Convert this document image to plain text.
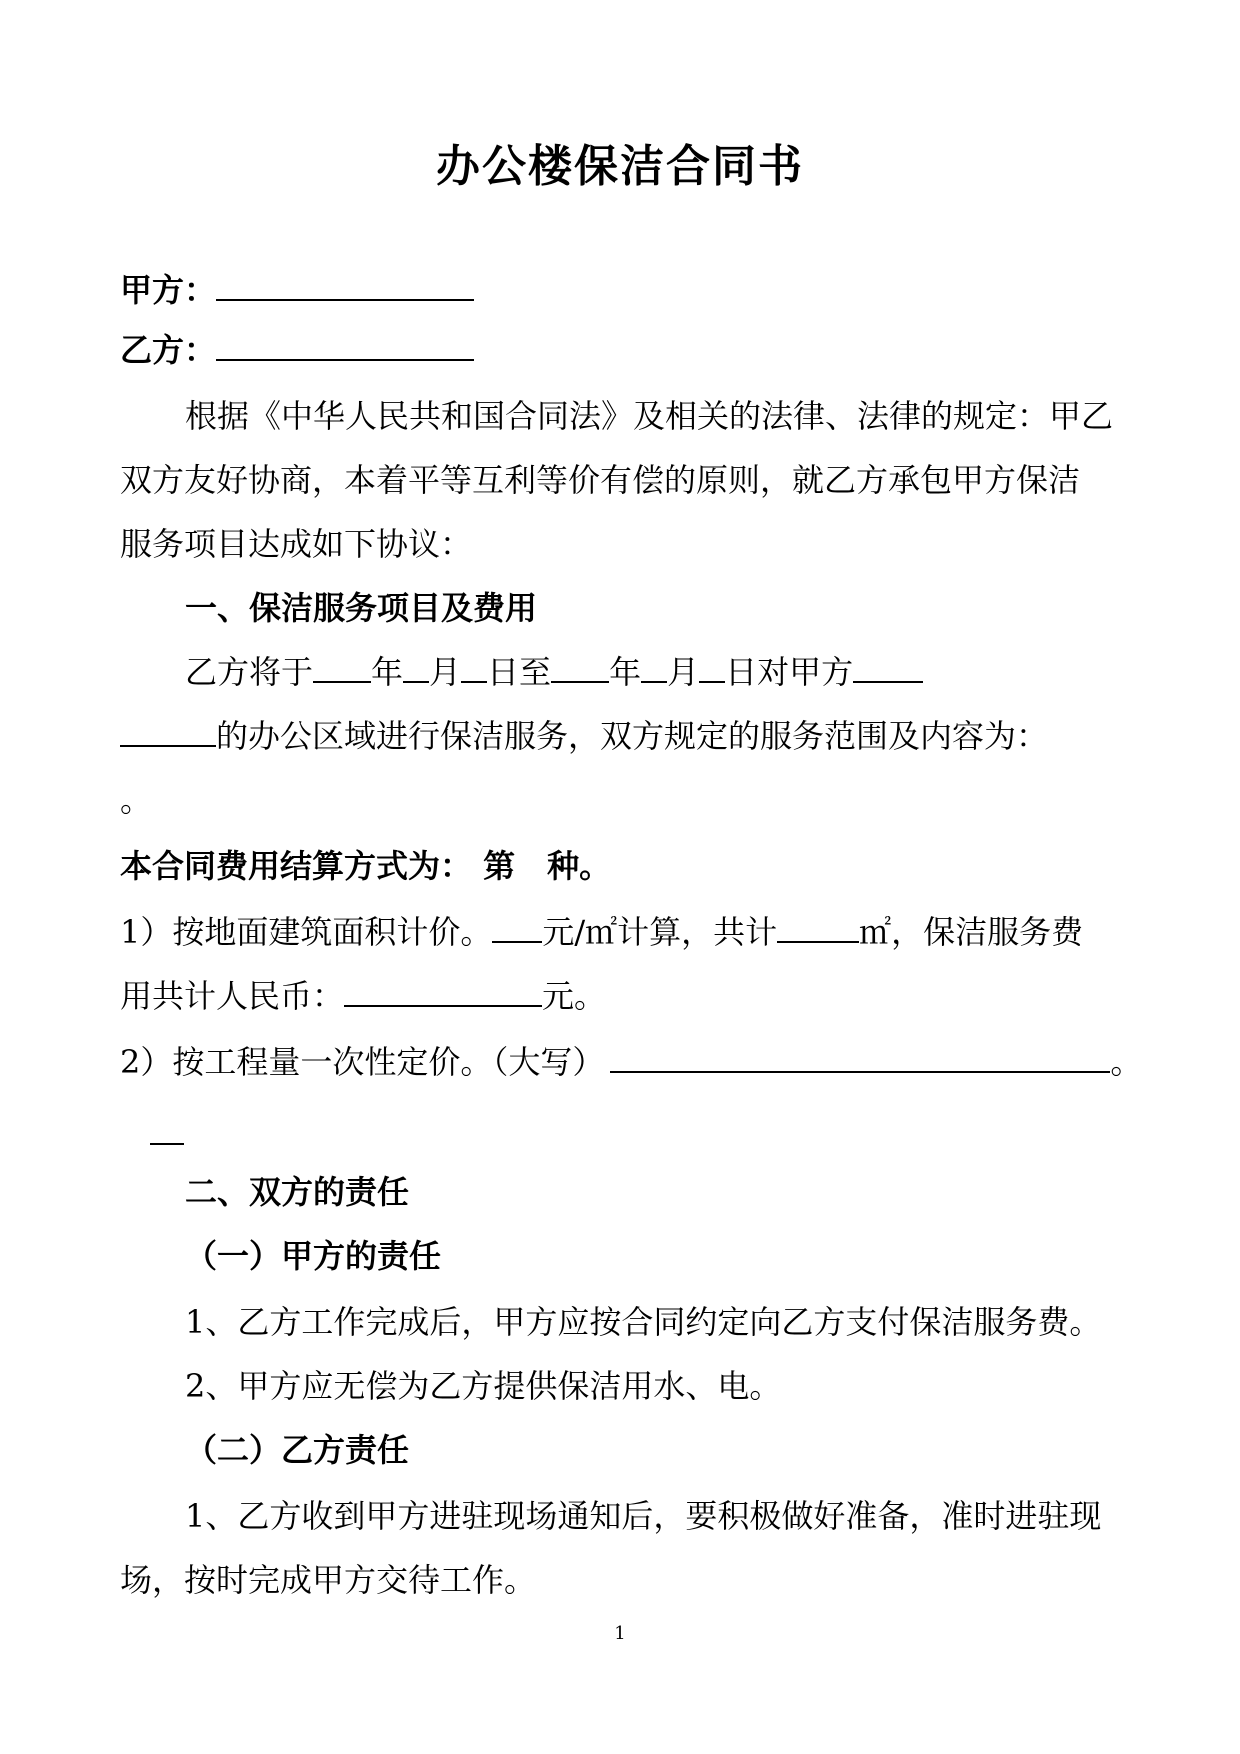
办公楼保洁合同书
甲方：
乙方：
根据《中华人民共和国合同法》及相关的法律、法律的规定：甲乙
双方友好协商，本着平等互利等价有偿的原则，就乙方承包甲方保洁
服务项目达成如下协议：
一、保洁服务项目及费用
乙方将于 年 月 日至 年 月 日对甲方
的办公区域进行保洁服务，双方规定的服务范围及内容为：
。
本合同费用结算方式为： 第　种。
1）按地面建筑面积计价。 元/㎡计算，共计	㎡，保洁服务费
用共计人民币：	元。
2）按工程量一次性定价。（大写）	。
二、双方的责任
（一）甲方的责任
1、乙方工作完成后，甲方应按合同约定向乙方支付保洁服务费。
2、甲方应无偿为乙方提供保洁用水、电。
（二）乙方责任
1、乙方收到甲方进驻现场通知后，要积极做好准备，准时进驻现
场，按时完成甲方交待工作。
1
